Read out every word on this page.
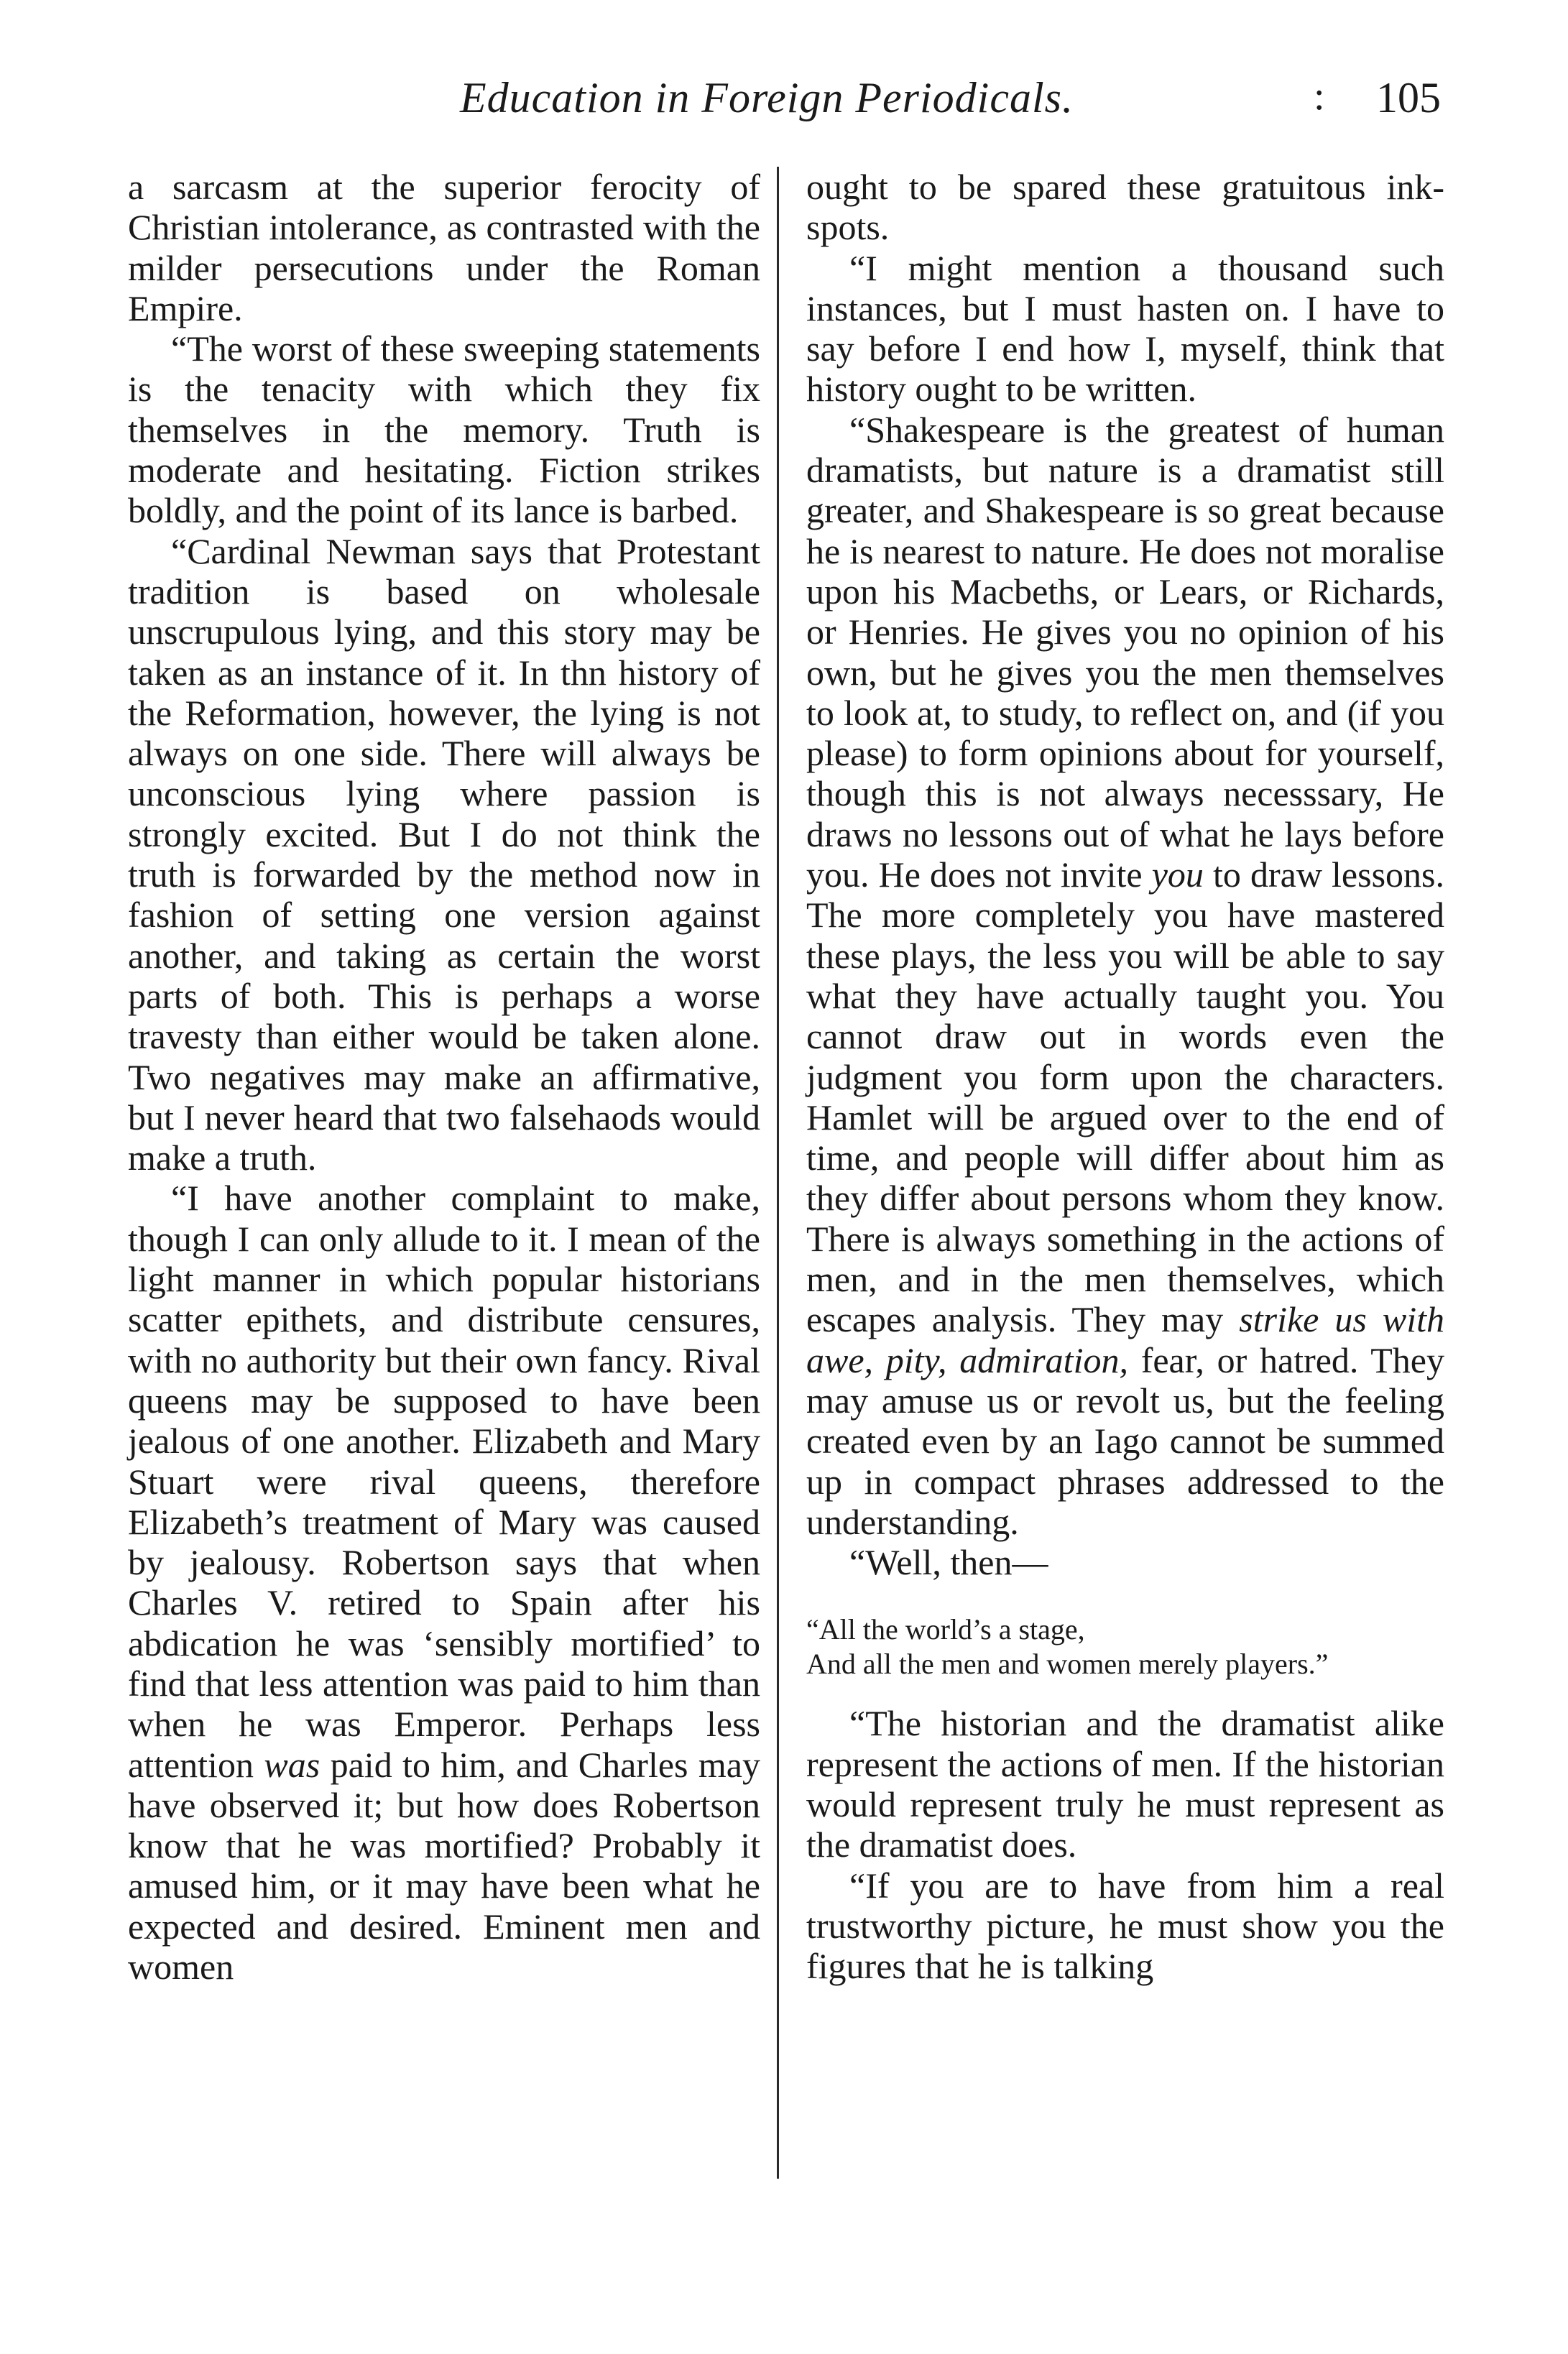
Education in Foreign Periodicals.	: 105

a sarcasm at the superior ferocity of Christian intolerance, as contrasted with the milder persecutions under the Roman Empire.

“The worst of these sweeping statements is the tenacity with which they fix themselves in the memory. Truth is moderate and hesitating. Fiction strikes boldly, and the point of its lance is barbed.

“Cardinal Newman says that Protestant tradition is based on wholesale unscrupulous lying, and this story may be taken as an instance of it. In thn history of the Reformation, however, the lying is not always on one side. There will always be unconscious lying where passion is strongly excited. But I do not think the truth is forwarded by the method now in fashion of setting one version against another, and taking as certain the worst parts of both. This is perhaps a worse travesty than either would be taken alone. Two negatives may make an affirmative, but I never heard that two falsehaods would make a truth.

“I have another complaint to make, though I can only allude to it. I mean of the light manner in which popular historians scatter epithets, and distribute censures, with no authority but their own fancy. Rival queens may be supposed to have been jealous of one another. Elizabeth and Mary Stuart were rival queens, therefore Elizabeth’s treatment of Mary was caused by jealousy. Robertson says that when Charles V. retired to Spain after his abdication he was ‘sensibly mortified’ to find that less attention was paid to him than when he was Emperor. Perhaps less attention was paid to him, and Charles may have observed it; but how does Robertson know that he was mortified? Probably it amused him, or it may have been what he expected and desired. Eminent men and women

ought to be spared these gratuitous ink-spots.

“I might mention a thousand such instances, but I must hasten on. I have to say before I end how I, myself, think that history ought to be written.

“Shakespeare is the greatest of human dramatists, but nature is a dramatist still greater, and Shakespeare is so great because he is nearest to nature. He does not moralise upon his Macbeths, or Lears, or Richards, or Henries. He gives you no opinion of his own, but he gives you the men themselves to look at, to study, to reflect on, and (if you please) to form opinions about for yourself, though this is not always necesssary, He draws no lessons out of what he lays before you. He does not invite you to draw lessons. The more completely you have mastered these plays, the less you will be able to say what they have actually taught you. You cannot draw out in words even the judgment you form upon the characters. Hamlet will be argued over to the end of time, and people will differ about him as they differ about persons whom they know. There is always something in the actions of men, and in the men themselves, which escapes analysis. They may strike us with awe, pity, admiration, fear, or hatred. They may amuse us or revolt us, but the feeling created even by an Iago cannot be summed up in compact phrases addressed to the understanding.

“Well, then—

“All the world’s a stage,
And all the men and women merely players.”

“The historian and the dramatist alike represent the actions of men. If the historian would represent truly he must represent as the dramatist does.

“If you are to have from him a real trustworthy picture, he must show you the figures that he is talking
